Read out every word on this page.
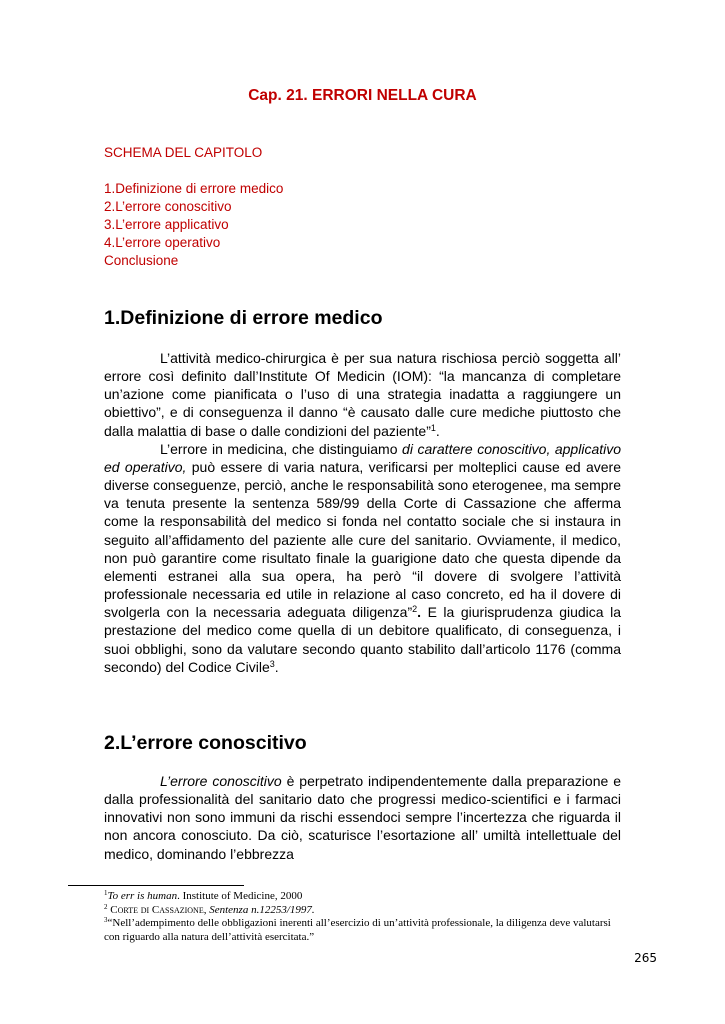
Cap. 21. ERRORI NELLA CURA
SCHEMA DEL CAPITOLO
1.Definizione di errore medico
2.L’errore conoscitivo
3.L’errore applicativo
4.L’errore operativo
Conclusione
1.Definizione di errore medico

L’attività medico-chirurgica è per sua natura rischiosa perciò soggetta all’ errore così definito dall’Institute Of Medicin (IOM): “la mancanza di completare un’azione come pianificata o l’uso di una strategia inadatta a raggiungere un obiettivo”, e di conseguenza il danno “è causato dalle cure mediche piuttosto che dalla malattia di base o dalle condizioni del paziente”$^1$.

L’errore in medicina, che distinguiamo di carattere conoscitivo, applicativo ed operativo, può essere di varia natura, verificarsi per molteplici cause ed avere diverse conseguenze, perciò, anche le responsabilità sono eterogenee, ma sempre va tenuta presente la sentenza 589/99 della Corte di Cassazione che afferma come la responsabilità del medico si fonda nel contatto sociale che si instaura in seguito all’affidamento del paziente alle cure del sanitario. Ovviamente, il medico, non può garantire come risultato finale la guarigione dato che questa dipende da elementi estranei alla sua opera, ha però “il dovere di svolgere l’attività professionale necessaria ed utile in relazione al caso concreto, ed ha il dovere di svolgerla con la necessaria adeguata diligenza”$^2$. E la giurisprudenza giudica la prestazione del medico come quella di un debitore qualificato, di conseguenza, i suoi obblighi, sono da valutare secondo quanto stabilito dall’articolo 1176 (comma secondo) del Codice Civile$^3$.

2.L’errore conoscitivo

L’errore conoscitivo è perpetrato indipendentemente dalla preparazione e dalla professionalità del sanitario dato che progressi medico-scientifici e i farmaci innovativi non sono immuni da rischi essendoci sempre l’incertezza che riguarda il non ancora conosciuto. Da ciò, scaturisce l’esortazione all’ umiltà intellettuale del medico, dominando l’ebbrezza

$^1$To err is human. Institute of Medicine, 2000

$^2$ Corte di Cassazione, Sentenza n.12253/1997.

$^3$“Nell’adempimento delle obbligazioni inerenti all’esercizio di un’attività professionale, la diligenza deve valutarsi con riguardo alla natura dell’attività esercitata.”

265
